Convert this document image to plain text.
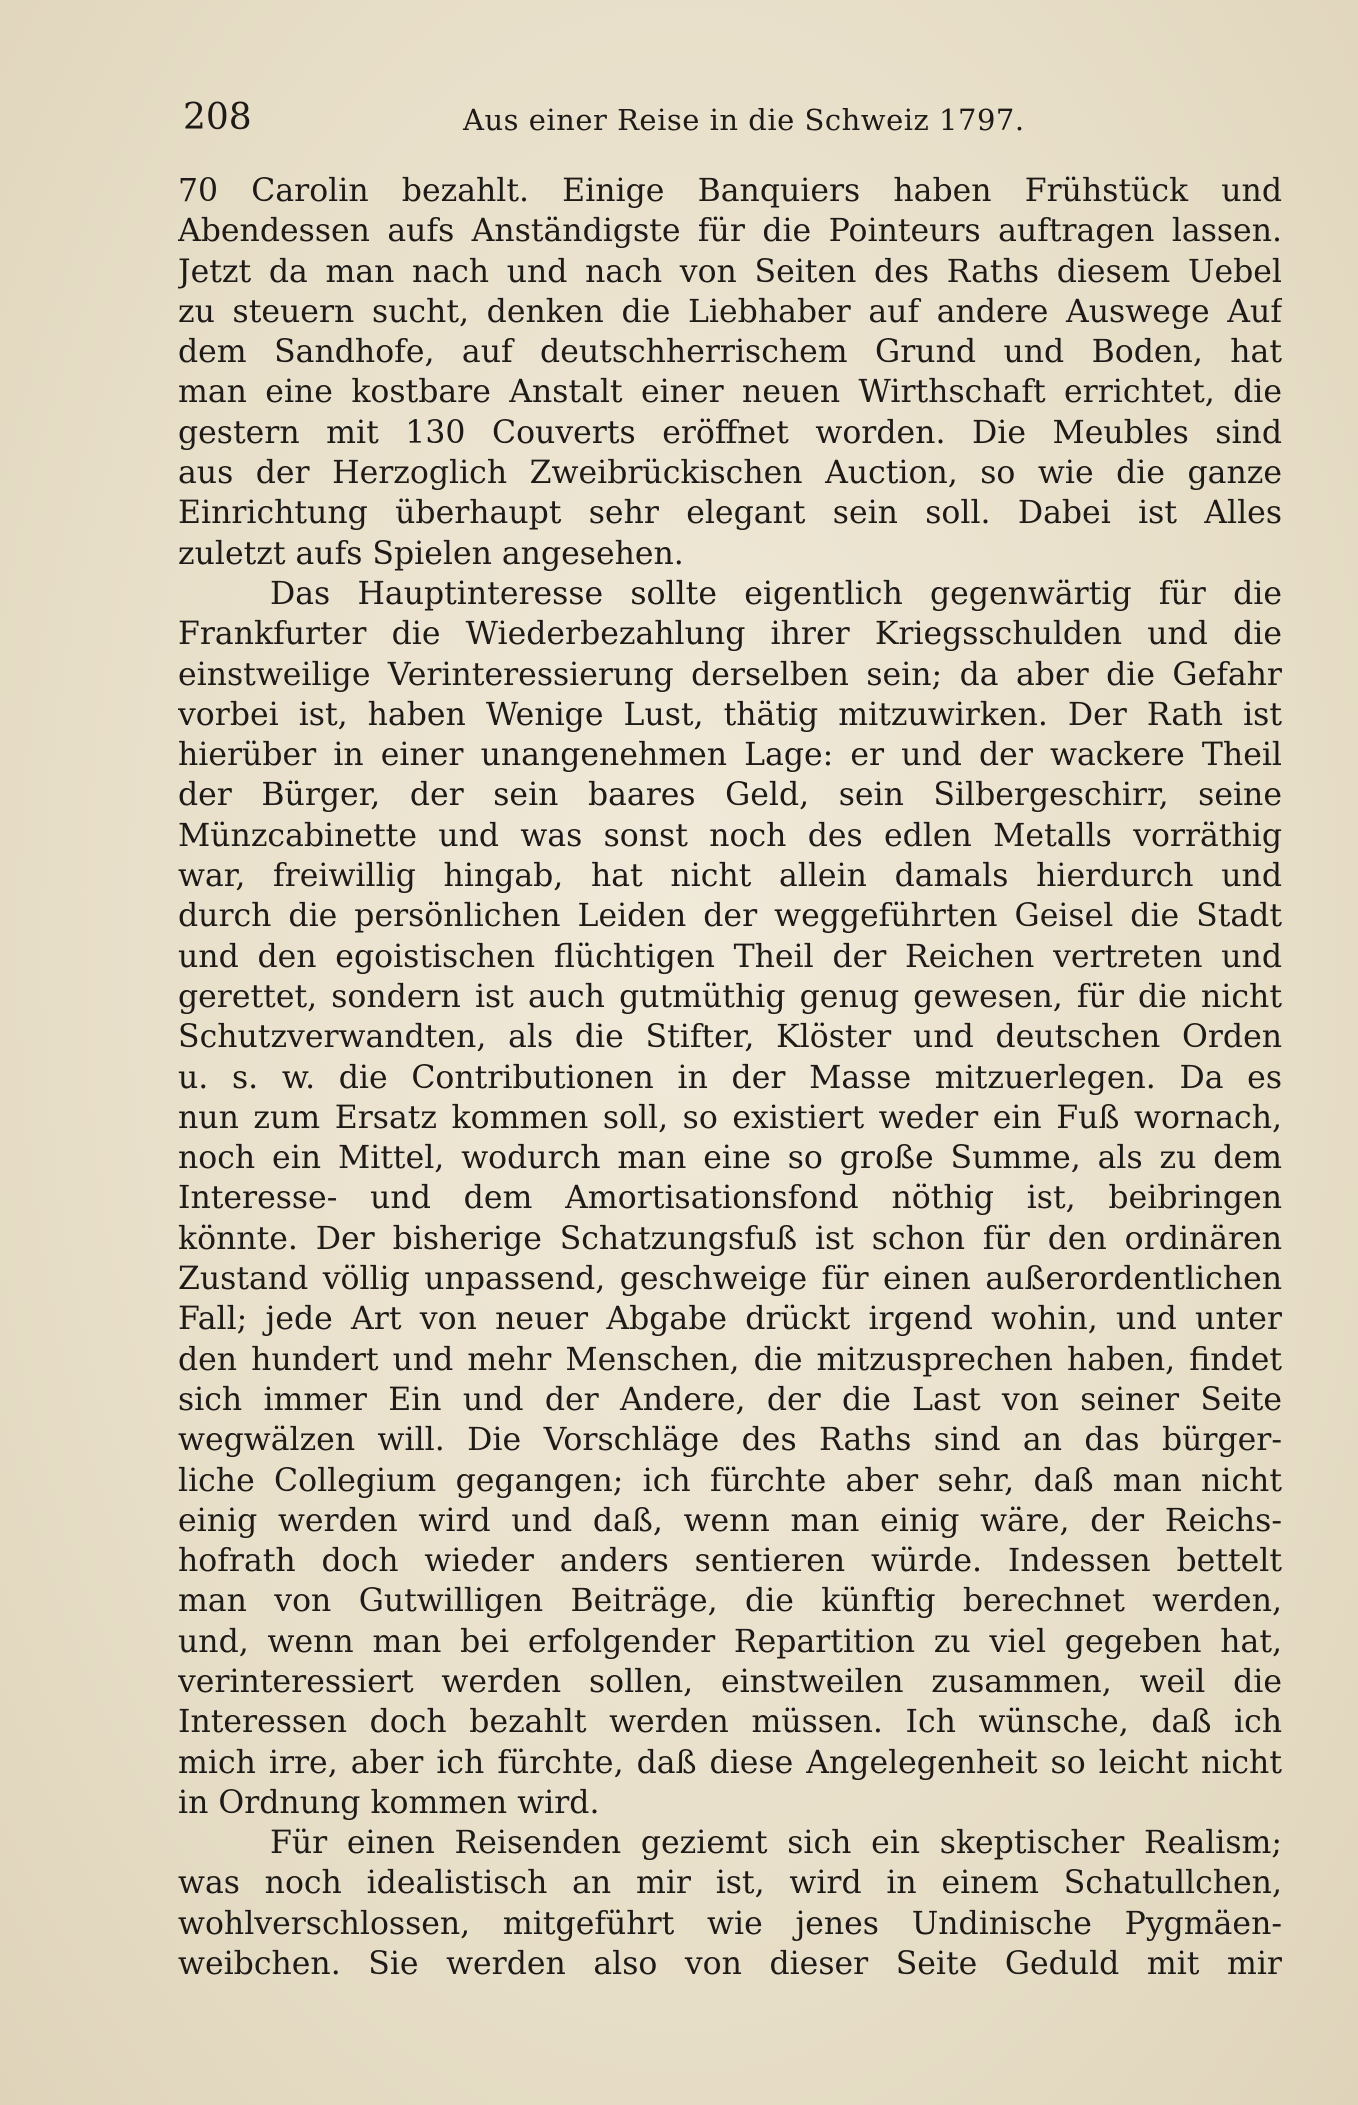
208	Aus einer Reise in die Schweiz 1797.
70 Carolin bezahlt. Einige Banquiers haben Frühstück und
Abendessen aufs Anständigste für die Pointeurs auftragen lassen.
Jetzt da man nach und nach von Seiten des Raths diesem Uebel
zu steuern sucht, denken die Liebhaber auf andere Auswege Auf
dem Sandhofe, auf deutschherrischem Grund und Boden, hat
man eine kostbare Anstalt einer neuen Wirthschaft errichtet, die
gestern mit 130 Couverts eröffnet worden. Die Meubles sind
aus der Herzoglich Zweibrückischen Auction, so wie die ganze
Einrichtung überhaupt sehr elegant sein soll. Dabei ist Alles
zuletzt aufs Spielen angesehen.
Das Hauptinteresse sollte eigentlich gegenwärtig für die
Frankfurter die Wiederbezahlung ihrer Kriegsschulden und die
einstweilige Verinteressierung derselben sein; da aber die Gefahr
vorbei ist, haben Wenige Lust, thätig mitzuwirken. Der Rath ist
hierüber in einer unangenehmen Lage: er und der wackere Theil
der Bürger, der sein baares Geld, sein Silbergeschirr, seine
Münzcabinette und was sonst noch des edlen Metalls vorräthig
war, freiwillig hingab, hat nicht allein damals hierdurch und
durch die persönlichen Leiden der weggeführten Geisel die Stadt
und den egoistischen flüchtigen Theil der Reichen vertreten und
gerettet, sondern ist auch gutmüthig genug gewesen, für die nicht
Schutzverwandten, als die Stifter, Klöster und deutschen Orden
u. s. w. die Contributionen in der Masse mitzuerlegen. Da es
nun zum Ersatz kommen soll, so existiert weder ein Fuß wornach,
noch ein Mittel, wodurch man eine so große Summe, als zu dem
Interesse- und dem Amortisationsfond nöthig ist, beibringen
könnte. Der bisherige Schatzungsfuß ist schon für den ordinären
Zustand völlig unpassend, geschweige für einen außerordentlichen
Fall; jede Art von neuer Abgabe drückt irgend wohin, und unter
den hundert und mehr Menschen, die mitzusprechen haben, findet
sich immer Ein und der Andere, der die Last von seiner Seite
wegwälzen will. Die Vorschläge des Raths sind an das bürger-
liche Collegium gegangen; ich fürchte aber sehr, daß man nicht
einig werden wird und daß, wenn man einig wäre, der Reichs-
hofrath doch wieder anders sentieren würde. Indessen bettelt
man von Gutwilligen Beiträge, die künftig berechnet werden,
und, wenn man bei erfolgender Repartition zu viel gegeben hat,
verinteressiert werden sollen, einstweilen zusammen, weil die
Interessen doch bezahlt werden müssen. Ich wünsche, daß ich
mich irre, aber ich fürchte, daß diese Angelegenheit so leicht nicht
in Ordnung kommen wird.
Für einen Reisenden geziemt sich ein skeptischer Realism;
was noch idealistisch an mir ist, wird in einem Schatullchen,
wohlverschlossen, mitgeführt wie jenes Undinische Pygmäen-
weibchen. Sie werden also von dieser Seite Geduld mit mir
